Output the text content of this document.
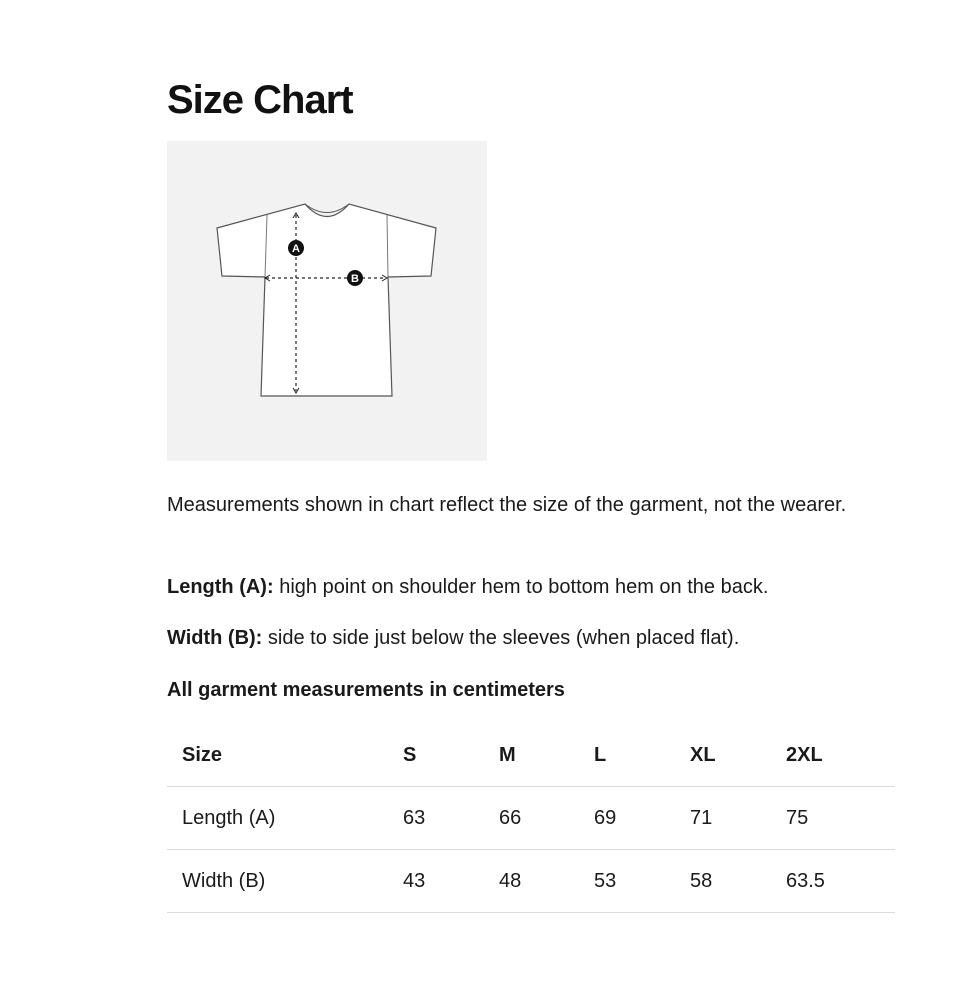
Size Chart
A
B

Measurements shown in chart reflect the size of the garment, not the wearer.

Length (A): high point on shoulder hem to bottom hem on the back.

Width (B): side to side just below the sleeves (when placed flat).

All garment measurements in centimeters

Size	S	M	L	XL	2XL
Length (A)	63	66	69	71	75
Width (B)	43	48	53	58	63.5
